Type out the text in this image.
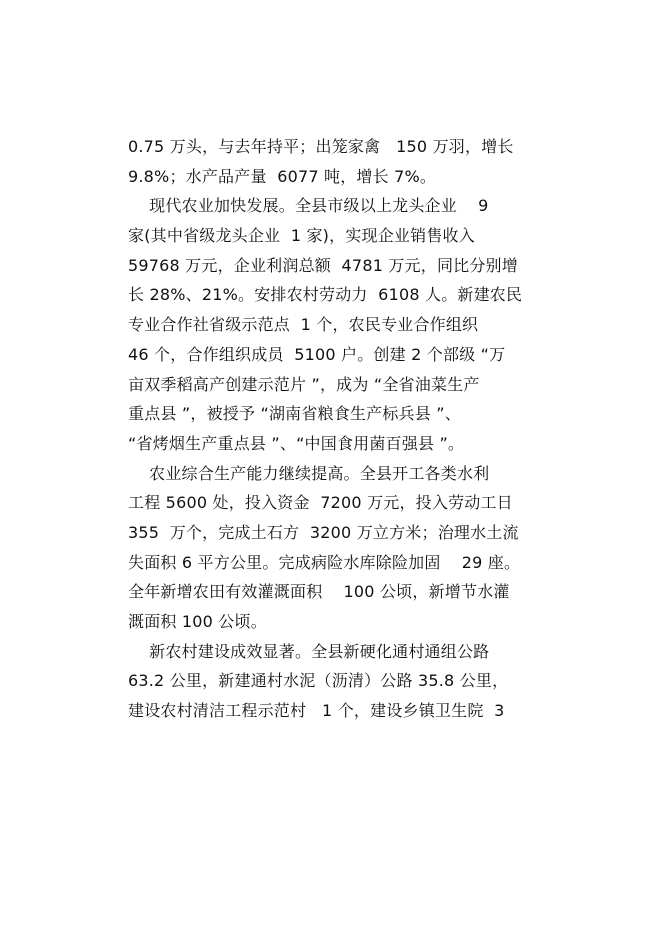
0.75 万头，与去年持平；出笼家禽   150 万羽，增长
9.8%；水产品产量  6077 吨，增长 7%。
现代农业加快发展。全县市级以上龙头企业    9
家(其中省级龙头企业  1 家)，实现企业销售收入
59768 万元，企业利润总额  4781 万元，同比分别增
长 28%、21%。安排农村劳动力  6108 人。新建农民
专业合作社省级示范点  1 个，农民专业合作组织
46 个，合作组织成员  5100 户。创建 2 个部级 “万
亩双季稻高产创建示范片 ”，成为 “全省油菜生产
重点县 ”，被授予 “湖南省粮食生产标兵县 ”、
“省烤烟生产重点县 ”、“中国食用菌百强县 ”。
农业综合生产能力继续提高。全县开工各类水利
工程 5600 处，投入资金  7200 万元，投入劳动工日
355  万个，完成土石方  3200 万立方米；治理水土流
失面积 6 平方公里。完成病险水库除险加固    29 座。
全年新增农田有效灌溉面积    100 公顷，新增节水灌
溉面积 100 公顷。
新农村建设成效显著。全县新硬化通村通组公路
63.2 公里，新建通村水泥（沥清）公路 35.8 公里，
建设农村清洁工程示范村   1 个，建设乡镇卫生院  3
